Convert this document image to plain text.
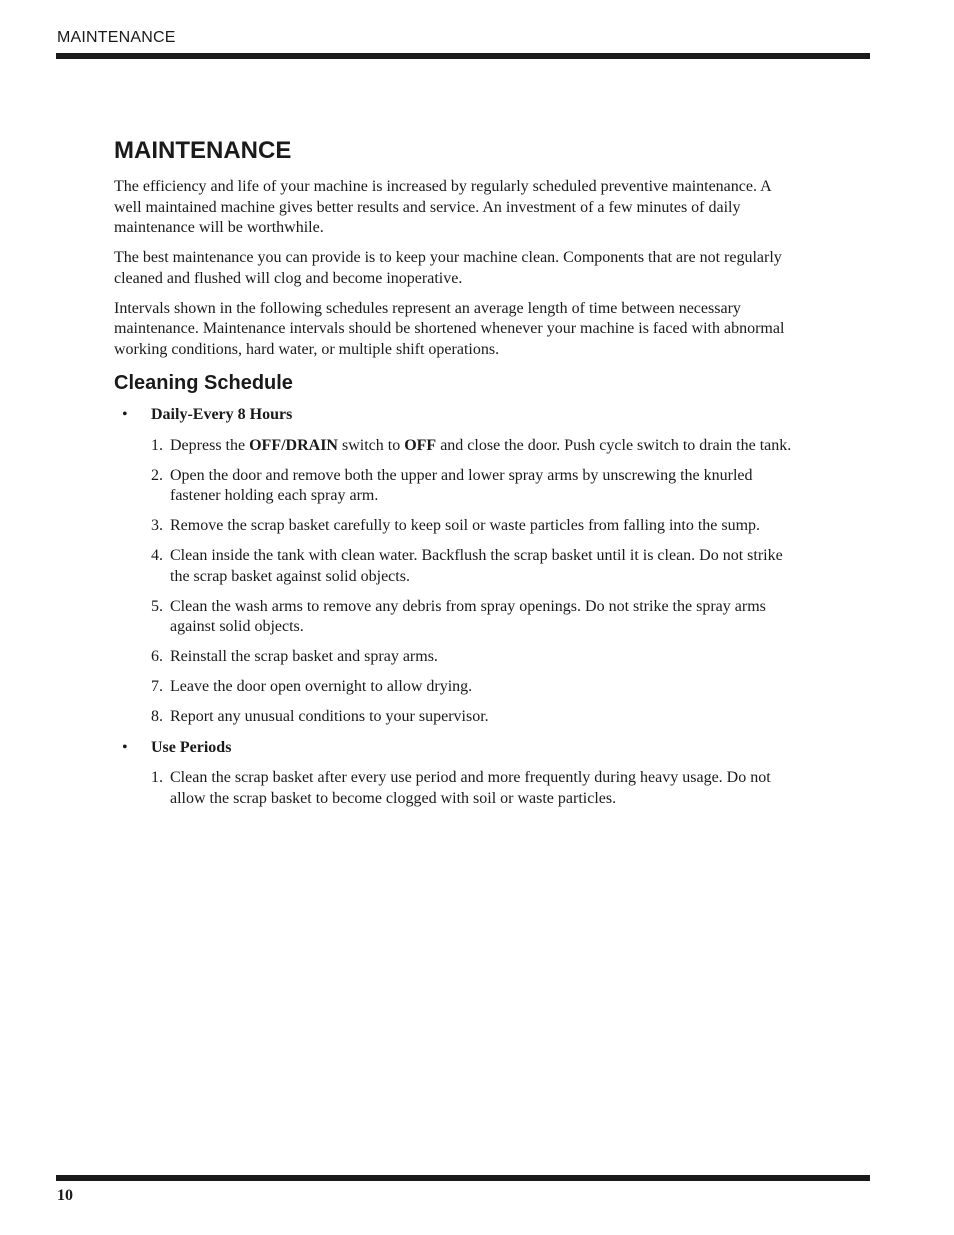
MAINTENANCE
MAINTENANCE

The efficiency and life of your machine is increased by regularly scheduled preventive maintenance. A well maintained machine gives better results and service. An investment of a few minutes of daily maintenance will be worthwhile.

The best maintenance you can provide is to keep your machine clean. Components that are not regularly cleaned and flushed will clog and become inoperative.

Intervals shown in the following schedules represent an average length of time between necessary maintenance. Maintenance intervals should be shortened whenever your machine is faced with abnormal working conditions, hard water, or multiple shift operations.

Cleaning Schedule
• Daily-Every 8 Hours
1. Depress the OFF/DRAIN switch to OFF and close the door. Push cycle switch to drain the tank.
2. Open the door and remove both the upper and lower spray arms by unscrewing the knurled fastener holding each spray arm.
3. Remove the scrap basket carefully to keep soil or waste particles from falling into the sump.
4. Clean inside the tank with clean water. Backflush the scrap basket until it is clean. Do not strike the scrap basket against solid objects.
5. Clean the wash arms to remove any debris from spray openings. Do not strike the spray arms against solid objects.
6. Reinstall the scrap basket and spray arms.
7. Leave the door open overnight to allow drying.
8. Report any unusual conditions to your supervisor.
• Use Periods
1. Clean the scrap basket after every use period and more frequently during heavy usage. Do not allow the scrap basket to become clogged with soil or waste particles.
10
